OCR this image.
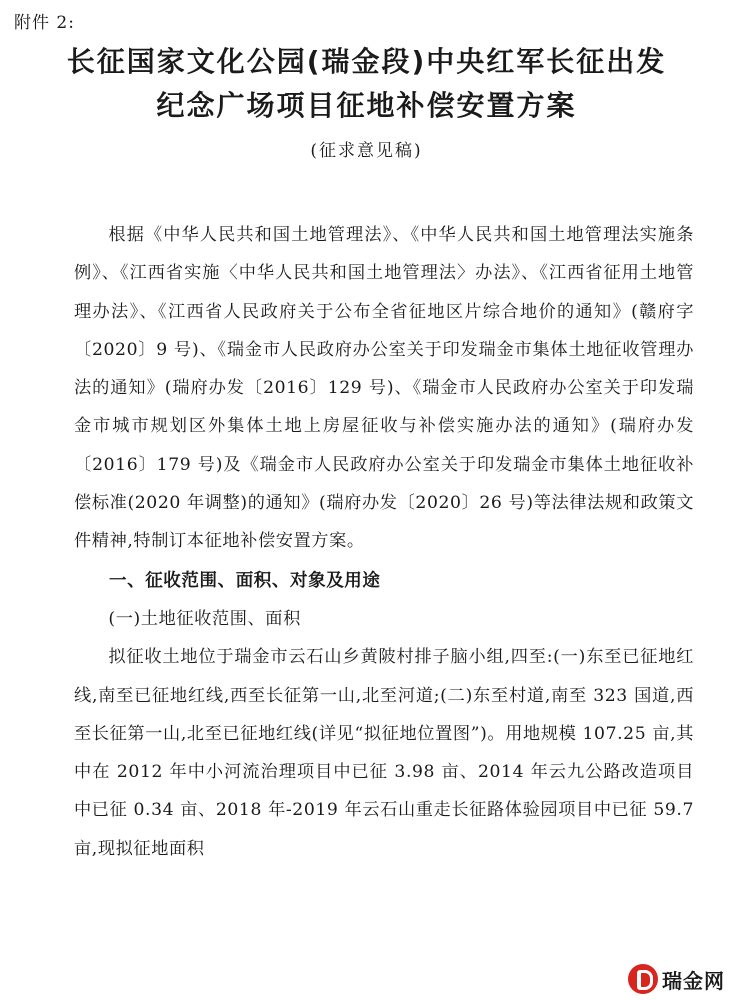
附件 2:
长征国家文化公园(瑞金段)中央红军长征出发
纪念广场项目征地补偿安置方案
(征求意见稿)

根据《中华人民共和国土地管理法》、《中华人民共和国土地管理法实施条例》、《江西省实施〈中华人民共和国土地管理法〉办法》、《江西省征用土地管理办法》、《江西省人民政府关于公布全省征地区片综合地价的通知》(赣府字〔2020〕9 号)、《瑞金市人民政府办公室关于印发瑞金市集体土地征收管理办法的通知》(瑞府办发〔2016〕129 号)、《瑞金市人民政府办公室关于印发瑞金市城市规划区外集体土地上房屋征收与补偿实施办法的通知》(瑞府办发〔2016〕179 号)及《瑞金市人民政府办公室关于印发瑞金市集体土地征收补偿标准(2020 年调整)的通知》(瑞府办发〔2020〕26 号)等法律法规和政策文件精神,特制订本征地补偿安置方案。

一、征收范围、面积、对象及用途

(一)土地征收范围、面积

拟征收土地位于瑞金市云石山乡黄陂村排子脑小组,四至:(一)东至已征地红线,南至已征地红线,西至长征第一山,北至河道;(二)东至村道,南至 323 国道,西至长征第一山,北至已征地红线(详见“拟征地位置图”)。用地规模 107.25 亩,其中在 2012 年中小河流治理项目中已征 3.98 亩、2014 年云九公路改造项目中已征 0.34 亩、2018 年-2019 年云石山重走长征路体验园项目中已征 59.7 亩,现拟征地面积

瑞金网
